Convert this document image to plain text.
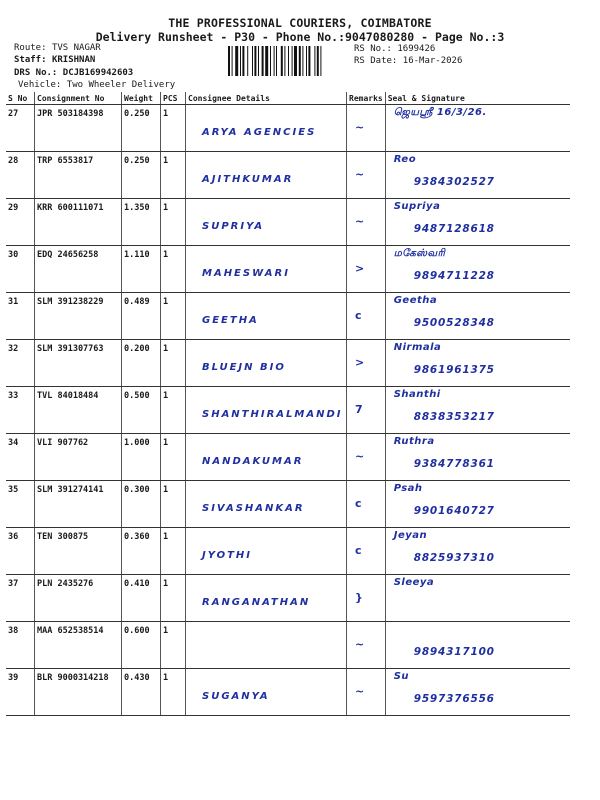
THE PROFESSIONAL COURIERS, COIMBATORE
Delivery Runsheet - P30 - Phone No.:9047080280 - Page No.:3
Route: TVS NAGAR
Staff: KRISHNAN
DRS No.: DCJB169942603
Vehicle: Two Wheeler Delivery
RS No.: 1699426
RS Date: 16-Mar-2026
S No	Consignment No	Weight	PCS	Consignee Details	Remarks	Seal & Signature
27	JPR 503184398	0.250	1	ARYA AGENCIES	~	ஜெயஸ்ரீ 16/3/26.

28	TRP 6553817	0.250	1	AJITHKUMAR	~	Reo
9384302527

29	KRR 600111071	1.350	1	SUPRIYA	~	Supriya
9487128618

30	EDQ 24656258	1.110	1	MAHESWARI	>	மகேஸ்வரி
9894711228

31	SLM 391238229	0.489	1	GEETHA	c	Geetha
9500528348

32	SLM 391307763	0.200	1	BLUEJN BIO	>	Nirmala
9861961375

33	TVL 84018484	0.500	1	SHANTHIRALMANDI	7	Shanthi
8838353217

34	VLI 907762	1.000	1	NANDAKUMAR	~	Ruthra
9384778361

35	SLM 391274141	0.300	1	SIVASHANKAR	c	Psah
9901640727

36	TEN 300875	0.360	1	JYOTHI	c	Jeyan
8825937310

37	PLN 2435276	0.410	1	RANGANATHAN	}	Sleeya

38	MAA 652538514	0.600	1		~	9894317100

39	BLR 9000314218	0.430	1	SUGANYA	~	Su
9597376556
